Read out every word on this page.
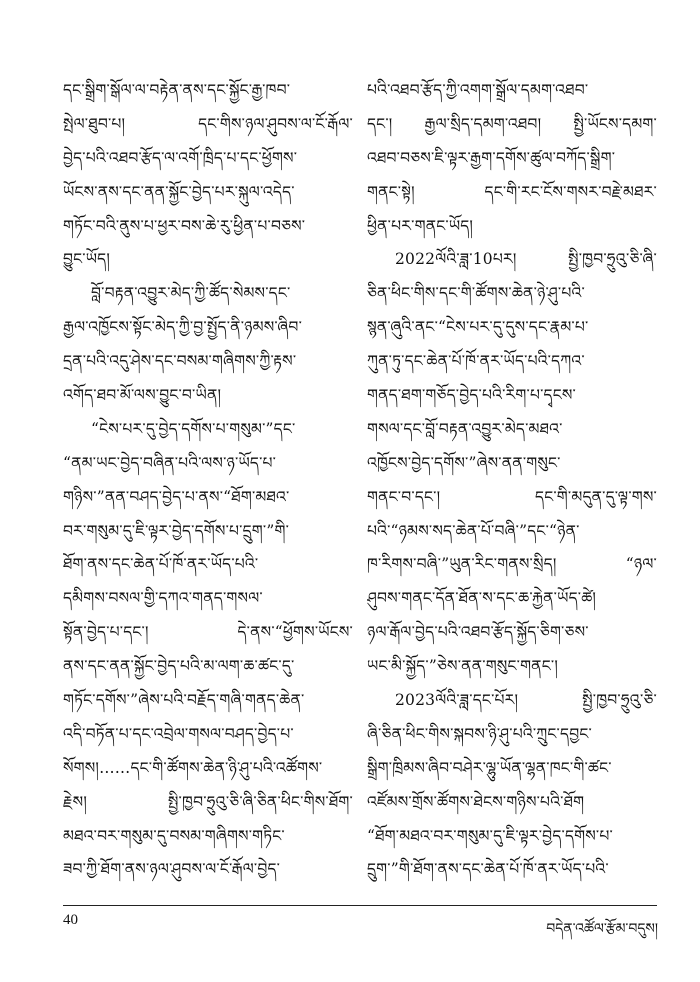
དང་སྒྲིག་སྒོལ་ལ་བརྟེན་ནས་དང་སྐྱོང་རྒྱ་ཁབ་
སྤེལ་ཐུབ་པ། དང་གིས་ཉལ་ཤུབས་ལ་ངོ་རྒོལ་
བྱེད་པའི་འཐབ་རྩོད་ལ་འགོ་ཁྲིད་པ་དང་ཕྱོགས་
ཡོངས་ནས་དང་ནན་སྐྱོང་བྱེད་པར་སྐུལ་འདེད་
གཏོང་བའི་ནུས་པ་ཕྱར་བས་ཆེ་རུ་ཕྱིན་པ་བཅས་
བྱུང་ཡོད།
བློ་བརྟན་འབྱུར་མེད་ཀྱི་ཚོད་སེམས་དང་
རྒྱལ་འཁྱོངས་སྟོང་མེད་ཀྱི་བྱ་སྤྱོད་ནི་ཉམས་ཞིབ་
དྲན་པའི་འདུ་ཤེས་དང་བསམ་གཞིགས་ཀྱི་རྟས་
འགོད་ཐབ་མོ་ལས་བྱུང་བ་ཡིན།
“ངེས་པར་དུ་བྱེད་དགོས་པ་གསུམ་”དང་
“ནམ་ཡང་བྱེད་བཞིན་པའི་ལས་ཉ་ཡོད་པ་
གཉིས་”ནན་བཤད་བྱེད་པ་ནས་“ཐོག་མཐའ་
བར་གསུམ་དུ་ཇི་ལྟར་བྱེད་དགོས་པ་དྲུག་”གི་
ཐོག་ནས་དང་ཆེན་པོ་ཁོ་ནར་ཡོད་པའི་
དམིགས་བསལ་གྱི་དཀའ་གནད་གསལ་
སྟོན་བྱེད་པ་དང་། དེ་ནས་“ཕྱོགས་ཡོངས་
ནས་དང་ནན་སྐྱོང་བྱེད་པའི་མ་ལག་ཆ་ཚང་དུ་
གཏོང་དགོས་”ཞེས་པའི་བརྗོད་གཞི་གནད་ཆེན་
འདི་བཏོན་པ་དང་འབྲེལ་གསལ་བཤད་བྱེད་པ་
སོགས།……དང་གི་ཚོགས་ཆེན་ཉི་ཤུ་པའི་འཚོགས་
རྗེས། སྤྱི་ཁྱབ་ཧྲུའུ་ཅི་ཞི་ཅིན་ཕིང་གིས་ཐོག་
མཐའ་བར་གསུམ་དུ་བསམ་གཞིགས་གཏིང་
ཟབ་ཀྱི་ཐོག་ནས་ཉལ་ཤུབས་ལ་ངོ་རྒོལ་བྱེད་
པའི་འཐབ་རྩོད་ཀྱི་འགག་སྒྲོལ་དམག་འཐབ་
དང་། རྒྱལ་སྲིད་དམག་འཐབ། སྤྱི་ཡོངས་དམག་
འཐབ་བཅས་ཇི་ལྟར་རྒྱག་དགོས་ཚུལ་བཀོད་སྒྲིག་
གནང་སྟེ། དང་གི་རང་ངོས་གསར་བརྗེ་མཐར་
ཕྱིན་པར་གནང་ཡོད།
2022ལོའི་ཟླ་10པར། སྤྱི་ཁྱབ་ཧྲུའུ་ཅི་ཞི་
ཅིན་ཕིང་གིས་དང་གི་ཚོགས་ཆེན་ཉེ་ཤུ་པའི་
སྙན་ཞུའི་ནང་“ངེས་པར་དུ་དུས་དང་རྣམ་པ་
ཀུན་ཏུ་དང་ཆེན་པོ་ཁོ་ནར་ཡོད་པའི་དཀའ་
གནད་ཐག་གཅོད་བྱེད་པའི་རིག་པ་དྭངས་
གསལ་དང་བློ་བརྟན་འབྱུར་མེད་མཐའ་
འཁྱོངས་བྱེད་དགོས་”ཞེས་ནན་གསུང་
གནང་བ་དང་། དང་གི་མདུན་དུ་ལྟ་གས་
པའི་“ཉམས་སད་ཆེན་པོ་བཞི་”དང་“ཉེན་
ཁ་རིགས་བཞི་”ཡུན་རིང་གནས་སྲིད། “ཉལ་
ཤུབས་གནང་དོན་ཐོན་ས་དང་ཆ་རྐྱེན་ཡོད་ཚེ།
ཉལ་རྒོལ་བྱེད་པའི་འཐབ་རྩོད་སྐྱོད་ཅིག་ཅས་
ཡང་མི་སྐྱོད་”ཅེས་ནན་གསུང་གནང་།
2023ལོའི་ཟླ་དང་པོར། སྤྱི་ཁྱབ་ཧྲུའུ་ཅི་
ཞི་ཅིན་ཕིང་གིས་སྐབས་ཉི་ཤུ་པའི་ཀྲུང་དབྱང་
སྒྲིག་ཁྲིམས་ཞིབ་བཤེར་ལྷུ་ཡོན་ལྷན་ཁང་གི་ཚང་
འཛོམས་གྲོས་ཚོགས་ཐེངས་གཉིས་པའི་ཐོག
“ཐོག་མཐའ་བར་གསུམ་དུ་ཇི་ལྟར་བྱེད་དགོས་པ་
དྲུག་”གི་ཐོག་ནས་དང་ཆེན་པོ་ཁོ་ནར་ཡོད་པའི་
40
བདེན་འཚོལ་རྩོམ་བདུས།
